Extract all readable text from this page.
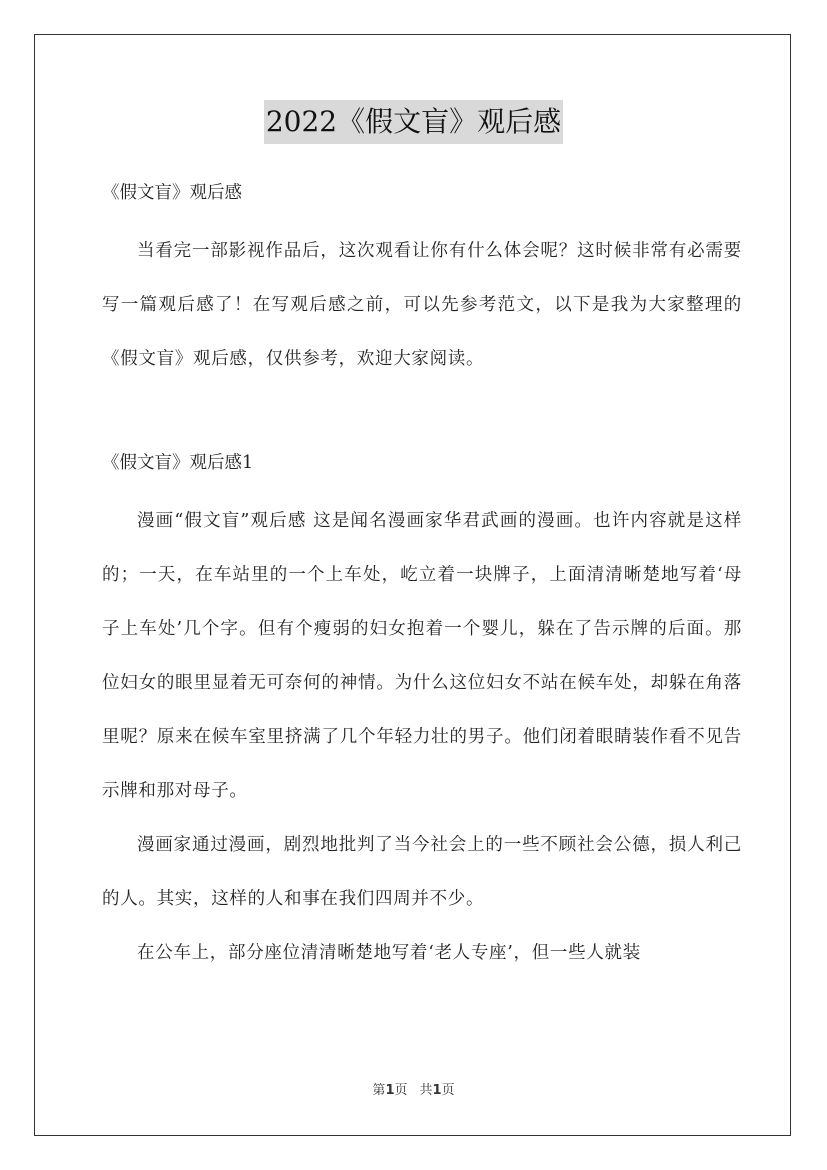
2022《假文盲》观后感

《假文盲》观后感

当看完一部影视作品后，这次观看让你有什么体会呢？这时候非常有必需要写一篇观后感了！在写观后感之前，可以先参考范文，以下是我为大家整理的《假文盲》观后感，仅供参考，欢迎大家阅读。

《假文盲》观后感1

漫画“假文盲”观后感 这是闻名漫画家华君武画的漫画。也许内容就是这样的；一天，在车站里的一个上车处，屹立着一块牌子，上面清清晰楚地写着‘母子上车处’几个字。但有个瘦弱的妇女抱着一个婴儿，躲在了告示牌的后面。那位妇女的眼里显着无可奈何的神情。为什么这位妇女不站在候车处，却躲在角落里呢？原来在候车室里挤满了几个年轻力壮的男子。他们闭着眼睛装作看不见告示牌和那对母子。

漫画家通过漫画，剧烈地批判了当今社会上的一些不顾社会公德，损人利己的人。其实，这样的人和事在我们四周并不少。

在公车上，部分座位清清晰楚地写着‘老人专座’，但一些人就装

第1页 共1页
